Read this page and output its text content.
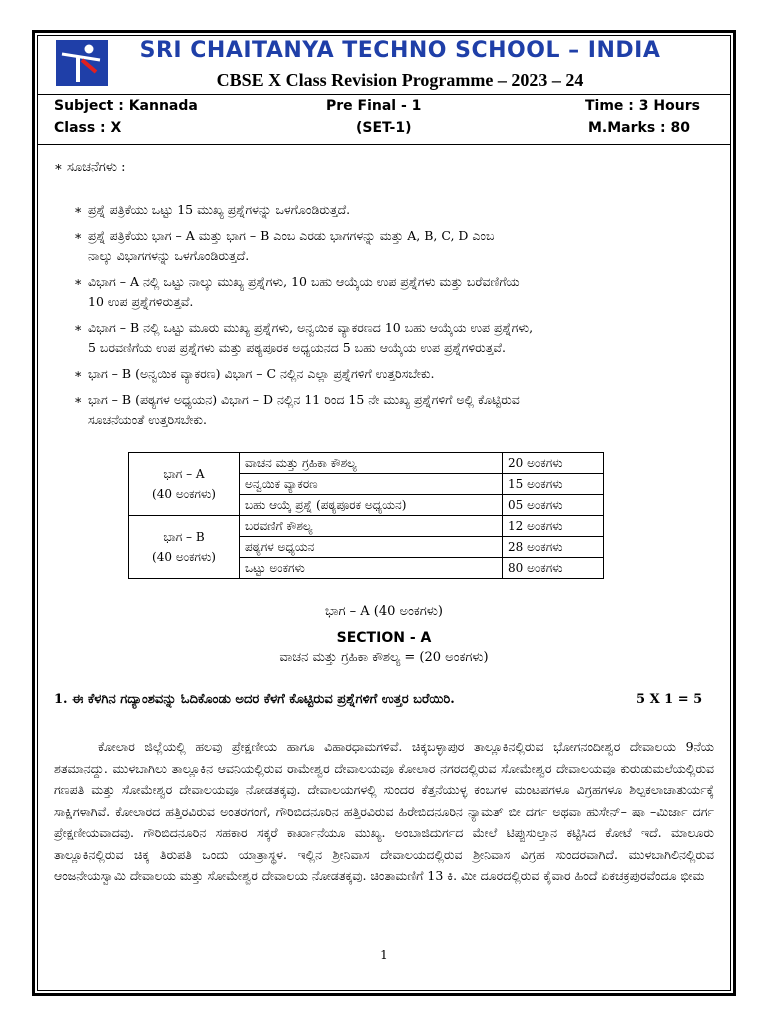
SRI CHAITANYA TECHNO SCHOOL – INDIA
CBSE X Class Revision Programme – 2023 – 24
Subject : Kannada	Pre Final - 1	Time : 3 Hours
Class : X	(SET-1)	M.Marks : 80
∗ ಸೂಚನೆಗಳು :
∗ ಪ್ರಶ್ನೆ ಪತ್ರಿಕೆಯು ಒಟ್ಟು 15 ಮುಖ್ಯ ಪ್ರಶ್ನೆಗಳನ್ನು ಒಳಗೊಂಡಿರುತ್ತದೆ.
∗ ಪ್ರಶ್ನೆ ಪತ್ರಿಕೆಯು ಭಾಗ – A ಮತ್ತು ಭಾಗ – B ಎಂಬ ಎರಡು ಭಾಗಗಳನ್ನು ಮತ್ತು A, B, C, D ಎಂಬ
ನಾಲ್ಕು ವಿಭಾಗಗಳನ್ನು ಒಳಗೊಂಡಿರುತ್ತದೆ.
∗ ವಿಭಾಗ – A ನಲ್ಲಿ ಒಟ್ಟು ನಾಲ್ಕು ಮುಖ್ಯ ಪ್ರಶ್ನೆಗಳು, 10 ಬಹು ಆಯ್ಕೆಯ ಉಪ ಪ್ರಶ್ನೆಗಳು ಮತ್ತು ಬರೆವಣಿಗೆಯ
10 ಉಪ ಪ್ರಶ್ನೆಗಳಿರುತ್ತವೆ.
∗ ವಿಭಾಗ – B ನಲ್ಲಿ ಒಟ್ಟು ಮೂರು ಮುಖ್ಯ ಪ್ರಶ್ನೆಗಳು, ಅನ್ವಯಿಕ ವ್ಯಾಕರಣದ 10 ಬಹು ಆಯ್ಕೆಯ ಉಪ ಪ್ರಶ್ನೆಗಳು,
5 ಬರವಣಿಗೆಯ ಉಪ ಪ್ರಶ್ನೆಗಳು ಮತ್ತು ಪಠ್ಯಪೂರಕ ಅಧ್ಯಯನದ 5 ಬಹು ಆಯ್ಕೆಯ ಉಪ ಪ್ರಶ್ನೆಗಳಿರುತ್ತವೆ.
∗ ಭಾಗ – B (ಅನ್ವಯಿಕ ವ್ಯಾಕರಣ) ವಿಭಾಗ – C ನಲ್ಲಿನ ಎಲ್ಲಾ ಪ್ರಶ್ನೆಗಳಿಗೆ ಉತ್ತರಿಸಬೇಕು.
∗ ಭಾಗ – B (ಪಠ್ಯಗಳ ಅಧ್ಯಯನ) ವಿಭಾಗ – D ನಲ್ಲಿನ 11 ರಿಂದ 15 ನೇ ಮುಖ್ಯ ಪ್ರಶ್ನೆಗಳಿಗೆ ಅಲ್ಲಿ ಕೊಟ್ಟಿರುವ
ಸೂಚನೆಯಂತೆ ಉತ್ತರಿಸಬೇಕು.
ಭಾಗ – A
(40 ಅಂಕಗಳು)	ವಾಚನ ಮತ್ತು ಗ್ರಹಿಕಾ ಕೌಶಲ್ಯ	20 ಅಂಕಗಳು
	ಅನ್ವಯಿಕ ವ್ಯಾಕರಣ	15 ಅಂಕಗಳು
	ಬಹು ಆಯ್ಕೆ ಪ್ರಶ್ನೆ (ಪಠ್ಯಪೂರಕ ಅಧ್ಯಯನ)	05 ಅಂಕಗಳು
ಭಾಗ – B
(40 ಅಂಕಗಳು)	ಬರವಣಿಗೆ ಕೌಶಲ್ಯ	12 ಅಂಕಗಳು
	ಪಠ್ಯಗಳ ಅಧ್ಯಯನ	28 ಅಂಕಗಳು
	ಒಟ್ಟು ಅಂಕಗಳು	80 ಅಂಕಗಳು
ಭಾಗ – A (40 ಅಂಕಗಳು)
SECTION - A
ವಾಚನ ಮತ್ತು ಗ್ರಹಿಕಾ ಕೌಶಲ್ಯ = (20 ಅಂಕಗಳು)
1. ಈ ಕೆಳಗಿನ ಗದ್ಯಾಂಶವನ್ನು ಓದಿಕೊಂಡು ಅದರ ಕೆಳಗೆ ಕೊಟ್ಟಿರುವ ಪ್ರಶ್ನೆಗಳಿಗೆ ಉತ್ತರ ಬರೆಯಿರಿ.	5 X 1 = 5
ಕೋಲಾರ ಜಿಲ್ಲೆಯಲ್ಲಿ ಹಲವು ಪ್ರೇಕ್ಷಣೀಯ ಹಾಗೂ ವಿಹಾರಧಾಮಗಳಿವೆ. ಚಿಕ್ಕಬಳ್ಳಾಪುರ ತಾಲ್ಲೂಕಿನಲ್ಲಿರುವ ಭೋಗನಂದೀಶ್ವರ ದೇವಾಲಯ 9ನೆಯ ಶತಮಾನದ್ದು. ಮುಳಬಾಗಿಲು ತಾಲ್ಲೂಕಿನ ಆವನಿಯಲ್ಲಿರುವ ರಾಮೇಶ್ವರ ದೇವಾಲಯವೂ ಕೋಲಾರ ನಗರದಲ್ಲಿರುವ ಸೋಮೇಶ್ವರ ದೇವಾಲಯವೂ ಕುರುಡುಮಲೆಯಲ್ಲಿರುವ ಗಣಪತಿ ಮತ್ತು ಸೋಮೇಶ್ವರ ದೇವಾಲಯವೂ ನೋಡತಕ್ಕವು. ದೇವಾಲಯಗಳಲ್ಲಿ ಸುಂದರ ಕೆತ್ತನೆಯುಳ್ಳ ಕಂಬಗಳ ಮಂಟಪಗಳೂ ವಿಗ್ರಹಗಳೂ ಶಿಲ್ಪಕಲಾಚಾತುರ್ಯಕ್ಕೆ ಸಾಕ್ಷಿಗಳಾಗಿವೆ. ಕೋಲಾರದ ಹತ್ತಿರವಿರುವ ಅಂತರಗಂಗೆ, ಗೌರಿಬಿದನೂರಿನ ಹತ್ತಿರವಿರುವ ಹಿರೇಬಿದನೂರಿನ ನ್ಯಾಮತ್ ಬೀ ದರ್ಗ ಅಥವಾ ಹುಸೇನ್– ಷಾ –ಮಿರ್ಜಾ ದರ್ಗ ಪ್ರೇಕ್ಷಣೀಯವಾದವು. ಗೌರಿಬಿದನೂರಿನ ಸಹಕಾರ ಸಕ್ಕರೆ ಕಾರ್ಖಾನೆಯೂ ಮುಖ್ಯ. ಅಂಬಾಜಿದುರ್ಗದ ಮೇಲೆ ಟಿಪ್ಪುಸುಲ್ತಾನ ಕಟ್ಟಿಸಿದ ಕೋಟೆ ಇದೆ. ಮಾಲೂರು ತಾಲ್ಲೂಕಿನಲ್ಲಿರುವ ಚಿಕ್ಕ ತಿರುಪತಿ ಒಂದು ಯಾತ್ರಾಸ್ಥಳ. ಇಲ್ಲಿನ ಶ್ರೀನಿವಾಸ ದೇವಾಲಯದಲ್ಲಿರುವ ಶ್ರೀನಿವಾಸ ವಿಗ್ರಹ ಸುಂದರವಾಗಿದೆ. ಮುಳಬಾಗಿಲಿನಲ್ಲಿರುವ ಆಂಜನೇಯಸ್ವಾಮಿ ದೇವಾಲಯ ಮತ್ತು ಸೋಮೇಶ್ವರ ದೇವಾಲಯ ನೋಡತಕ್ಕವು. ಚಿಂತಾಮಣಿಗೆ 13 ಕಿ. ಮೀ ದೂರದಲ್ಲಿರುವ ಕೈವಾರ ಹಿಂದೆ ಏಕಚಕ್ರಪುರವೆಂದೂ ಭೀಮ
1
